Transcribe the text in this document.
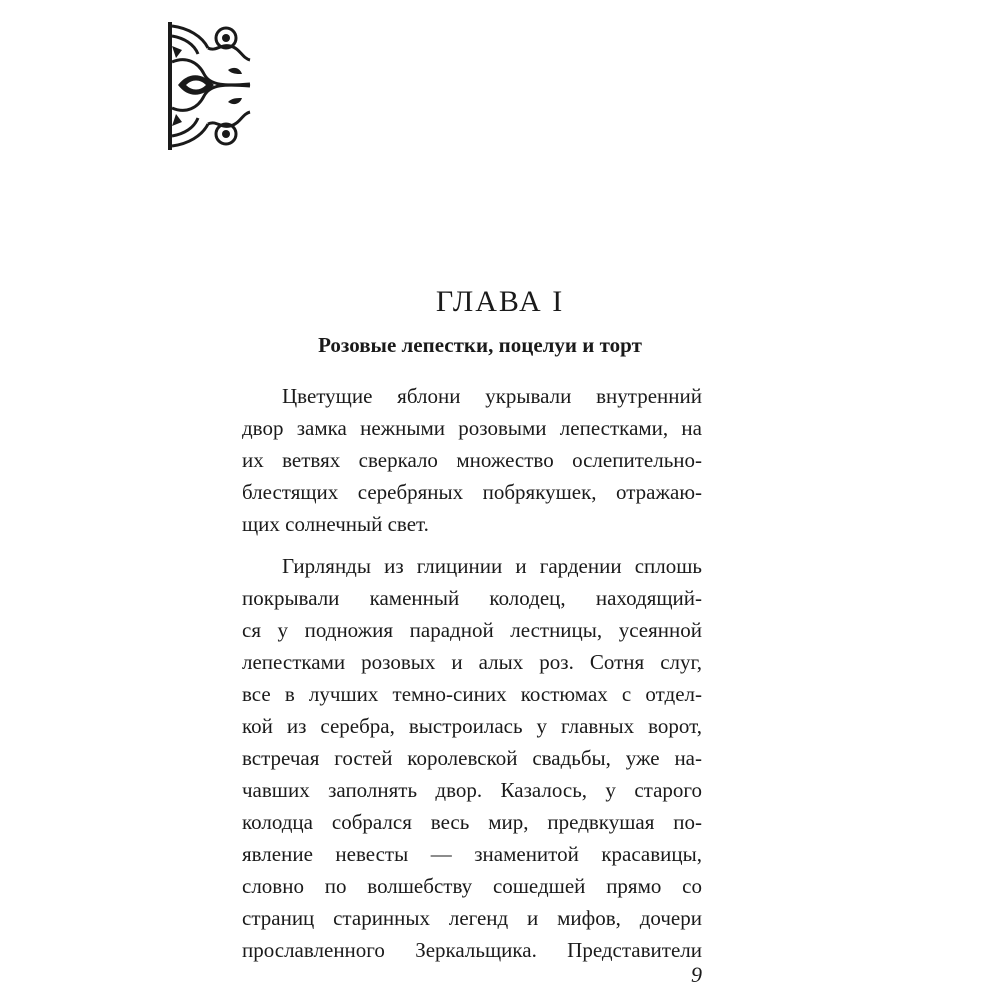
ГЛАВА I
Розовые лепестки, поцелуи и торт
Цветущие яблони укрывали внутренний
двор замка нежными розовыми лепестками, на
их ветвях сверкало множество ослепительно-
блестящих серебряных побрякушек, отражаю-
щих солнечный свет.
Гирлянды из глицинии и гардении сплошь
покрывали каменный колодец, находящий-
ся у подножия парадной лестницы, усеянной
лепестками розовых и алых роз. Сотня слуг,
все в лучших темно-синих костюмах с отдел-
кой из серебра, выстроилась у главных ворот,
встречая гостей королевской свадьбы, уже на-
чавших заполнять двор. Казалось, у старого
колодца собрался весь мир, предвкушая по-
явление невесты — знаменитой красавицы,
словно по волшебству сошедшей прямо со
страниц старинных легенд и мифов, дочери
прославленного Зеркальщика. Представители
9
